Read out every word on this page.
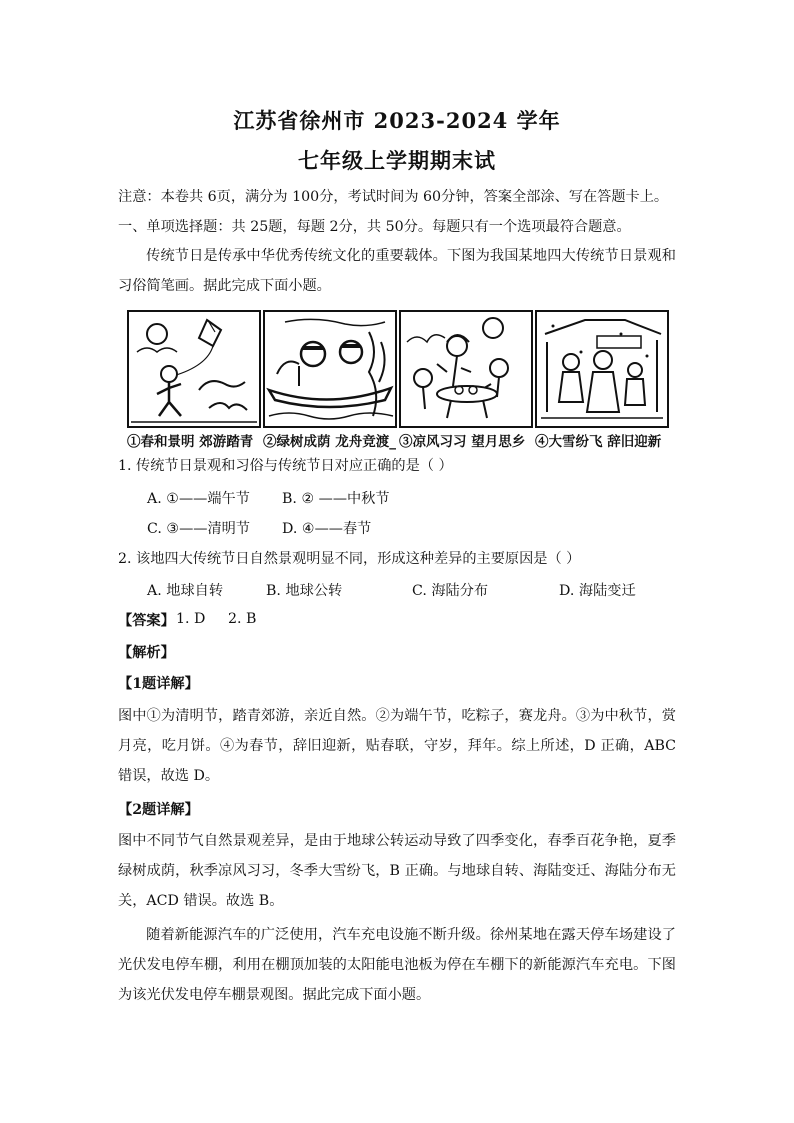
江苏省徐州市 2023-2024 学年
七年级上学期期末试
注意：本卷共 6页，满分为 100分，考试时间为 60分钟，答案全部涂、写在答题卡上。
一、单项选择题：共 25题，每题 2分，共 50分。每题只有一个选项最符合题意。
传统节日是传承中华优秀传统文化的重要载体。下图为我国某地四大传统节日景观和习俗简笔画。据此完成下面小题。
①春和景明 郊游踏青 ②绿树成荫 龙舟竞渡_ ③凉风习习 望月思乡 ④大雪纷飞 辞旧迎新
1. 传统节日景观和习俗与传统节日对应正确的是（ ）
A. ①——端午节 B. ② ——中秋节
C. ③——清明节 D. ④——春节
2. 该地四大传统节日自然景观明显不同，形成这种差异的主要原因是（ ）
A. 地球自转	B. 地球公转	C. 海陆分布	D. 海陆变迁
【答案】 1. D 2. B
【解析】
【1题详解】
图中①为清明节，踏青郊游，亲近自然。②为端午节，吃粽子，赛龙舟。③为中秋节，赏月亮，吃月饼。④为春节，辞旧迎新，贴春联，守岁，拜年。综上所述，D 正确，ABC 错误，故选 D。
【2题详解】
图中不同节气自然景观差异，是由于地球公转运动导致了四季变化，春季百花争艳，夏季绿树成荫，秋季凉风习习，冬季大雪纷飞，B 正确。与地球自转、海陆变迁、海陆分布无关，ACD 错误。故选 B。
随着新能源汽车的广泛使用，汽车充电设施不断升级。徐州某地在露天停车场建设了光伏发电停车棚，利用在棚顶加装的太阳能电池板为停在车棚下的新能源汽车充电。下图为该光伏发电停车棚景观图。据此完成下面小题。
